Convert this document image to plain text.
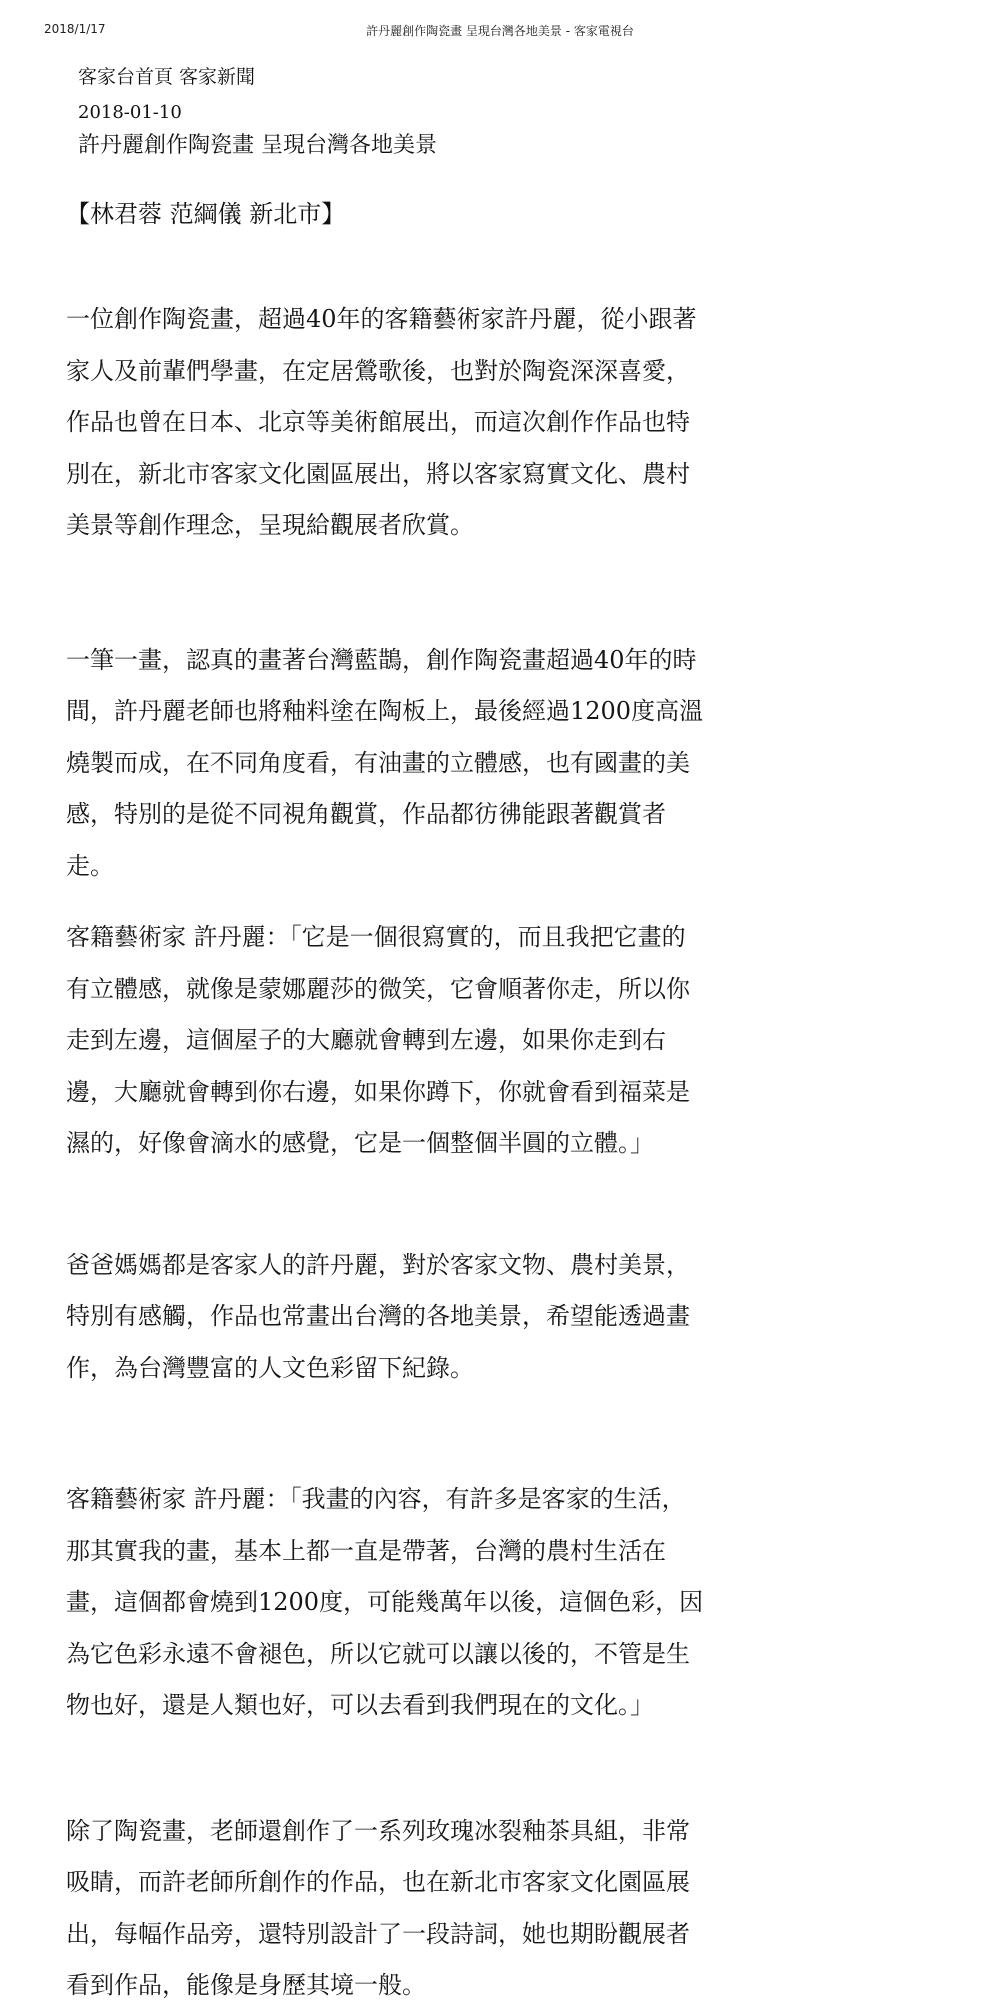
2018/1/17	許丹麗創作陶瓷畫 呈現台灣各地美景 - 客家電視台
客家台首頁 客家新聞
2018-01-10
許丹麗創作陶瓷畫 呈現台灣各地美景

【林君蓉 范綱儀 新北市】

一位創作陶瓷畫，超過40年的客籍藝術家許丹麗，從小跟著
家人及前輩們學畫，在定居鶯歌後，也對於陶瓷深深喜愛，
作品也曾在日本、北京等美術館展出，而這次創作作品也特
別在，新北市客家文化園區展出，將以客家寫實文化、農村
美景等創作理念，呈現給觀展者欣賞。

一筆一畫，認真的畫著台灣藍鵲，創作陶瓷畫超過40年的時
間，許丹麗老師也將釉料塗在陶板上，最後經過1200度高溫
燒製而成，在不同角度看，有油畫的立體感，也有國畫的美
感，特別的是從不同視角觀賞，作品都彷彿能跟著觀賞者
走。

客籍藝術家 許丹麗：「它是一個很寫實的，而且我把它畫的
有立體感，就像是蒙娜麗莎的微笑，它會順著你走，所以你
走到左邊，這個屋子的大廳就會轉到左邊，如果你走到右
邊，大廳就會轉到你右邊，如果你蹲下，你就會看到福菜是
濕的，好像會滴水的感覺，它是一個整個半圓的立體。」

爸爸媽媽都是客家人的許丹麗，對於客家文物、農村美景，
特別有感觸，作品也常畫出台灣的各地美景，希望能透過畫
作，為台灣豐富的人文色彩留下紀錄。

客籍藝術家 許丹麗：「我畫的內容，有許多是客家的生活，
那其實我的畫，基本上都一直是帶著，台灣的農村生活在
畫，這個都會燒到1200度，可能幾萬年以後，這個色彩，因
為它色彩永遠不會褪色，所以它就可以讓以後的，不管是生
物也好，還是人類也好，可以去看到我們現在的文化。」

除了陶瓷畫，老師還創作了一系列玫瑰冰裂釉茶具組，非常
吸睛，而許老師所創作的作品，也在新北市客家文化園區展
出，每幅作品旁，還特別設計了一段詩詞，她也期盼觀展者
看到作品，能像是身歷其境一般。
